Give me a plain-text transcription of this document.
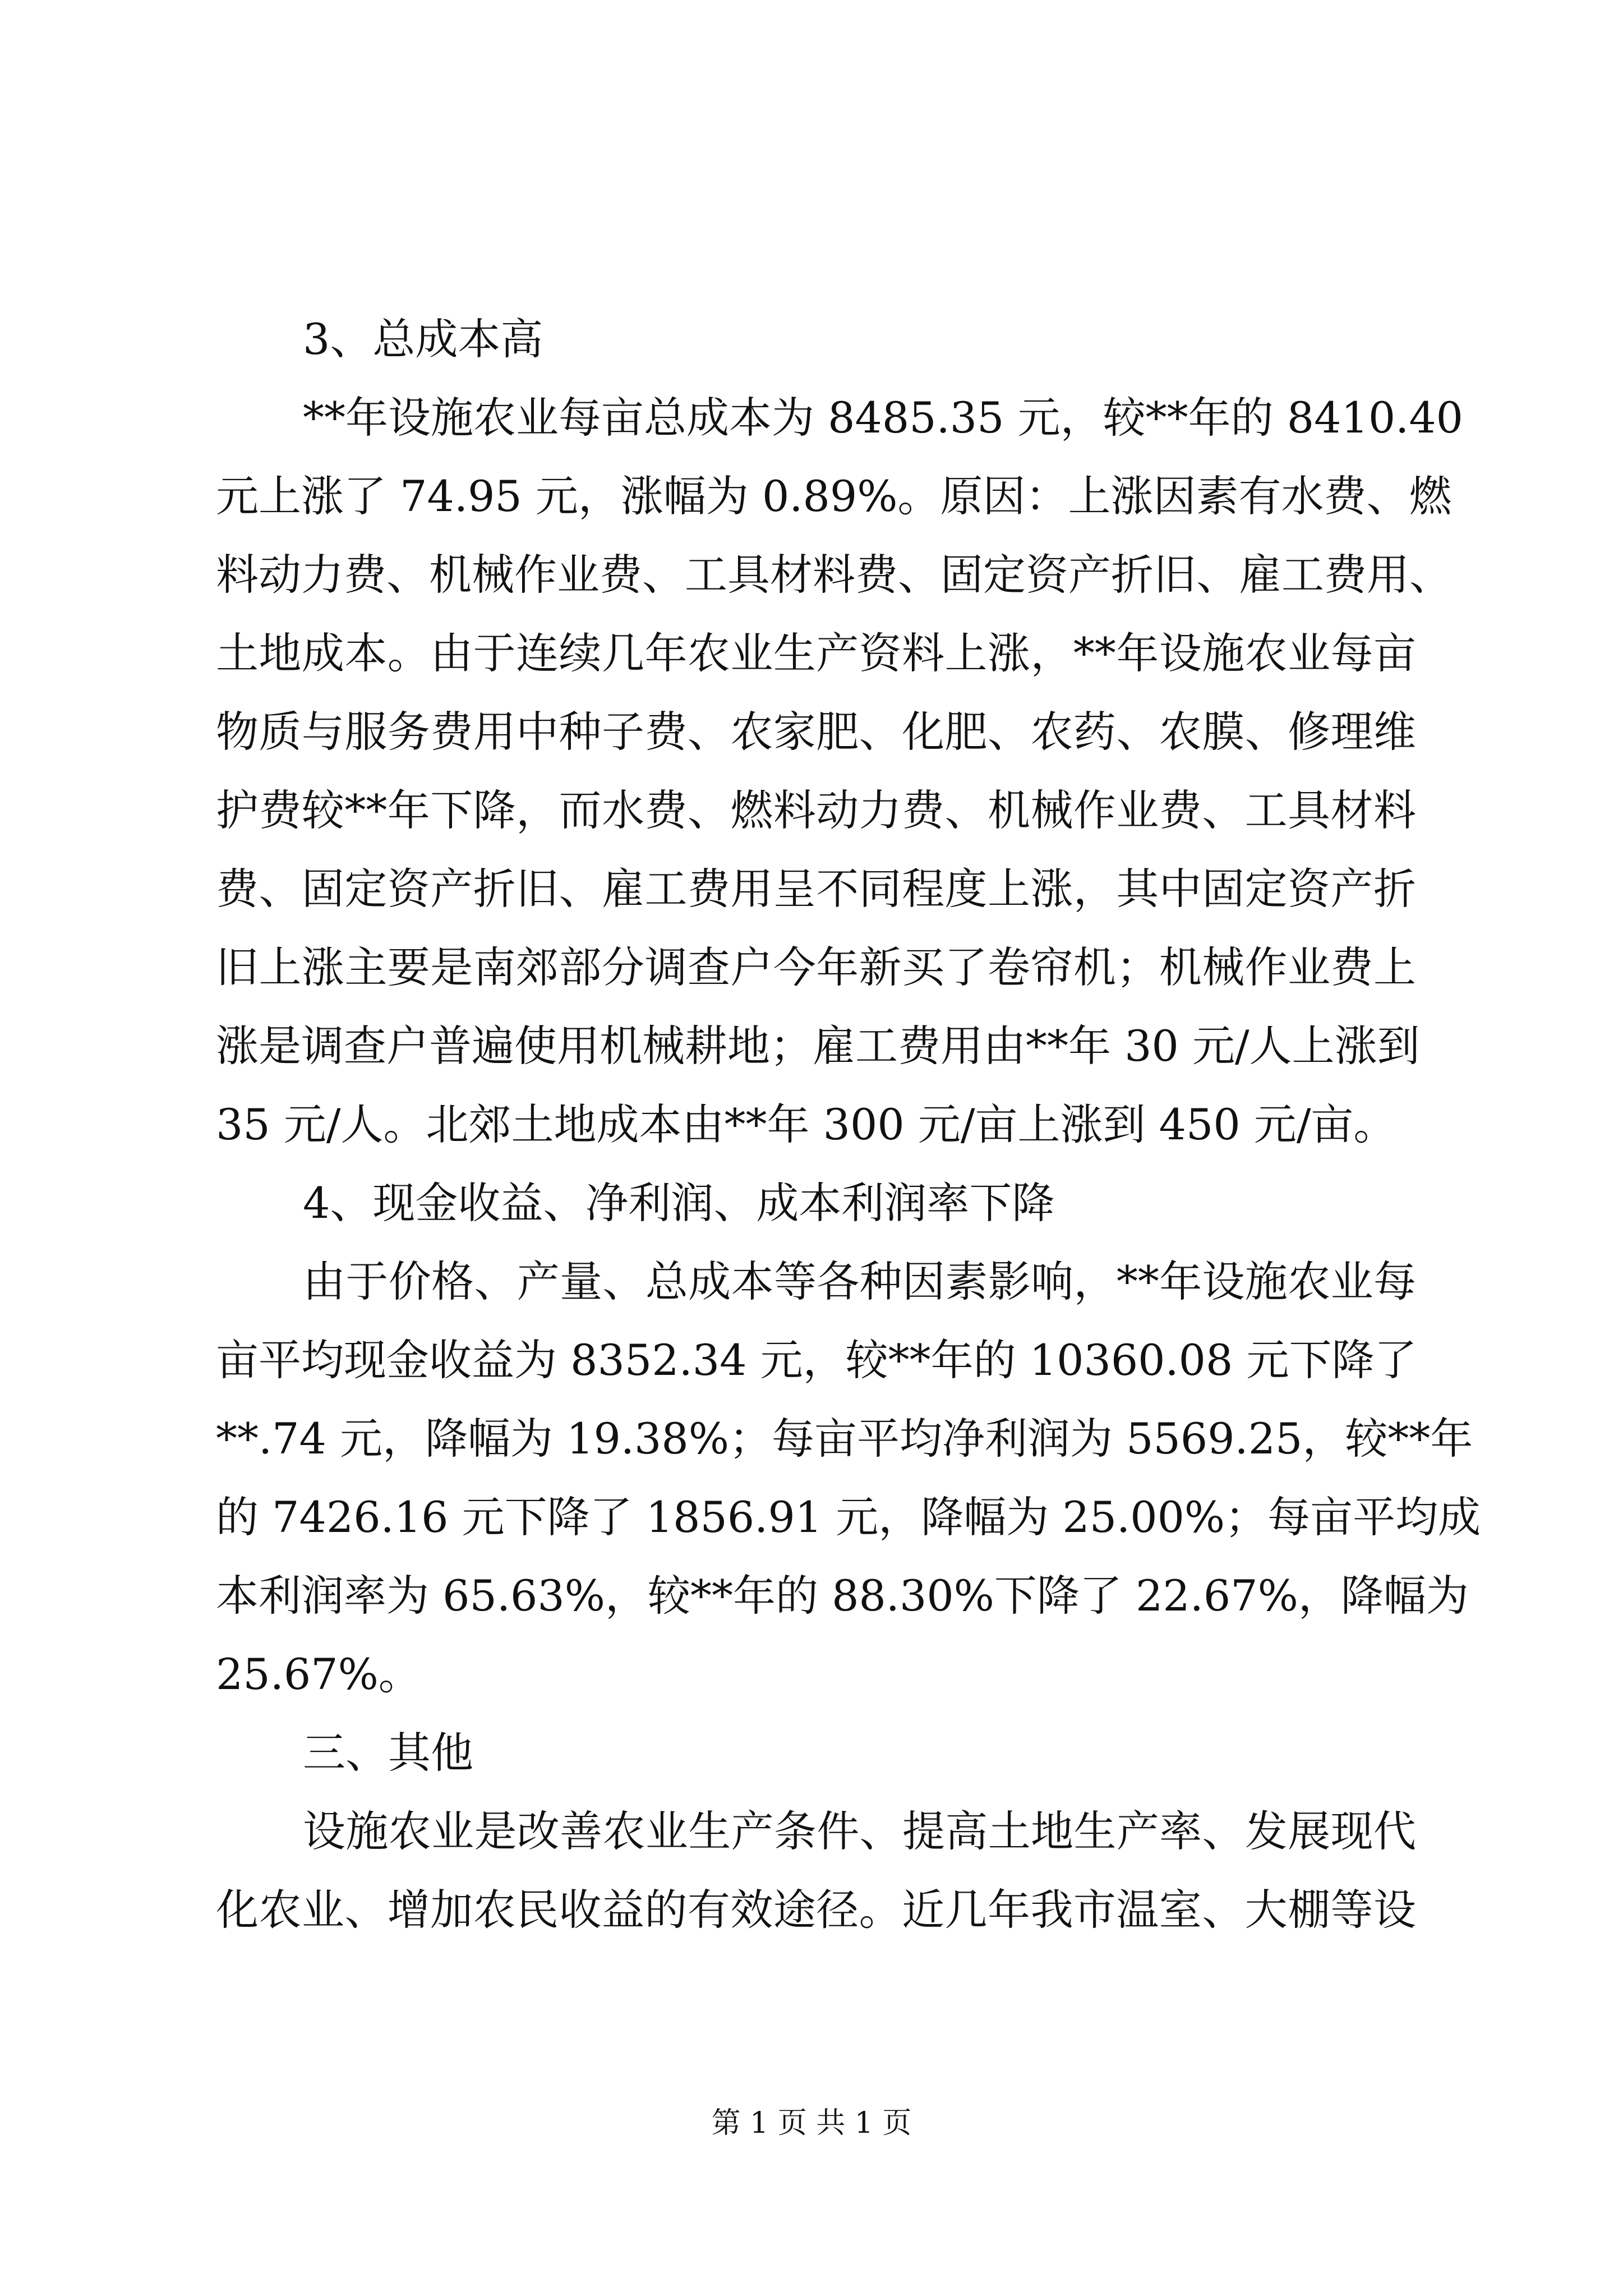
3、总成本高
**年设施农业每亩总成本为 8485.35 元，较**年的 8410.40
元上涨了 74.95 元，涨幅为 0.89%。原因：上涨因素有水费、燃
料动力费、机械作业费、工具材料费、固定资产折旧、雇工费用、
土地成本。由于连续几年农业生产资料上涨，**年设施农业每亩
物质与服务费用中种子费、农家肥、化肥、农药、农膜、修理维
护费较**年下降，而水费、燃料动力费、机械作业费、工具材料
费、固定资产折旧、雇工费用呈不同程度上涨，其中固定资产折
旧上涨主要是南郊部分调查户今年新买了卷帘机；机械作业费上
涨是调查户普遍使用机械耕地；雇工费用由**年 30 元/人上涨到
35 元/人。北郊土地成本由**年 300 元/亩上涨到 450 元/亩。
4、现金收益、净利润、成本利润率下降
由于价格、产量、总成本等各种因素影响，**年设施农业每
亩平均现金收益为 8352.34 元，较**年的 10360.08 元下降了
**.74 元，降幅为 19.38%；每亩平均净利润为 5569.25，较**年
的 7426.16 元下降了 1856.91 元，降幅为 25.00%；每亩平均成
本利润率为 65.63%，较**年的 88.30%下降了 22.67%，降幅为
25.67%。
三、其他
设施农业是改善农业生产条件、提高土地生产率、发展现代
化农业、增加农民收益的有效途径。近几年我市温室、大棚等设
第 1 页 共 1 页
